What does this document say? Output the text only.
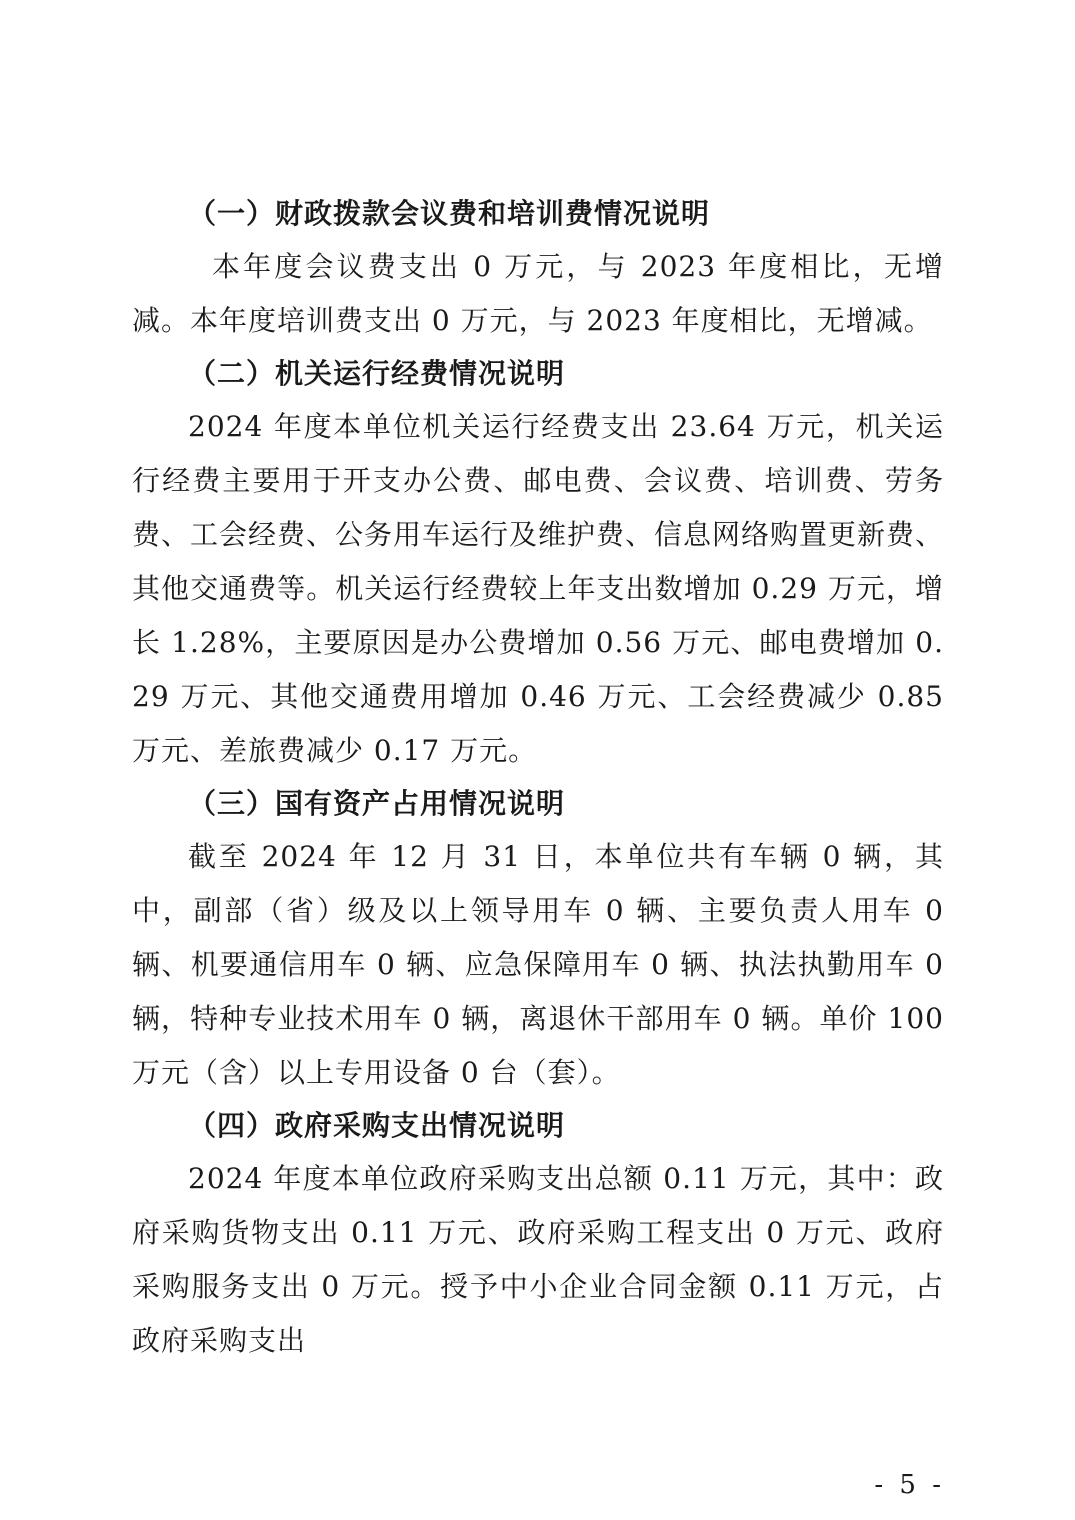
（一）财政拨款会议费和培训费情况说明

本年度会议费支出 0 万元，与 2023 年度相比，无增减。本年度培训费支出 0 万元，与 2023 年度相比，无增减。

（二）机关运行经费情况说明

2024 年度本单位机关运行经费支出 23.64 万元，机关运行经费主要用于开支办公费、邮电费、会议费、培训费、劳务费、工会经费、公务用车运行及维护费、信息网络购置更新费、其他交通费等。机关运行经费较上年支出数增加 0.29 万元，增长 1.28%，主要原因是办公费增加 0.56 万元、邮电费增加 0.29 万元、其他交通费用增加 0.46 万元、工会经费减少 0.85 万元、差旅费减少 0.17 万元。

（三）国有资产占用情况说明

截至 2024 年 12 月 31 日，本单位共有车辆 0 辆，其中，副部（省）级及以上领导用车 0 辆、主要负责人用车 0 辆、机要通信用车 0 辆、应急保障用车 0 辆、执法执勤用车 0 辆，特种专业技术用车 0 辆，离退休干部用车 0 辆。单价 100 万元（含）以上专用设备 0 台（套）。

（四）政府采购支出情况说明

2024 年度本单位政府采购支出总额 0.11 万元，其中：政府采购货物支出 0.11 万元、政府采购工程支出 0 万元、政府采购服务支出 0 万元。授予中小企业合同金额 0.11 万元，占政府采购支出

- 5 -
